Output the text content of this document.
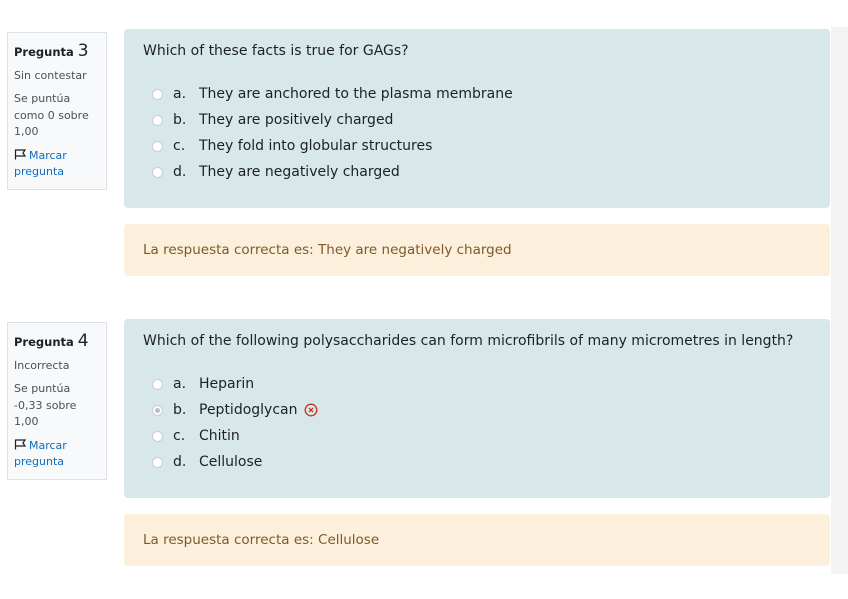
Pregunta 3
Sin contestar
Se puntúa como 0 sobre 1,00
Marcar pregunta
Which of these facts is true for GAGs?
a. They are anchored to the plasma membrane
b. They are positively charged
c. They fold into globular structures
d. They are negatively charged
La respuesta correcta es: They are negatively charged
Pregunta 4
Incorrecta
Se puntúa -0,33 sobre 1,00
Marcar pregunta
Which of the following polysaccharides can form microfibrils of many micrometres in length?
a. Heparin
b. Peptidoglycan
c. Chitin
d. Cellulose
La respuesta correcta es: Cellulose
